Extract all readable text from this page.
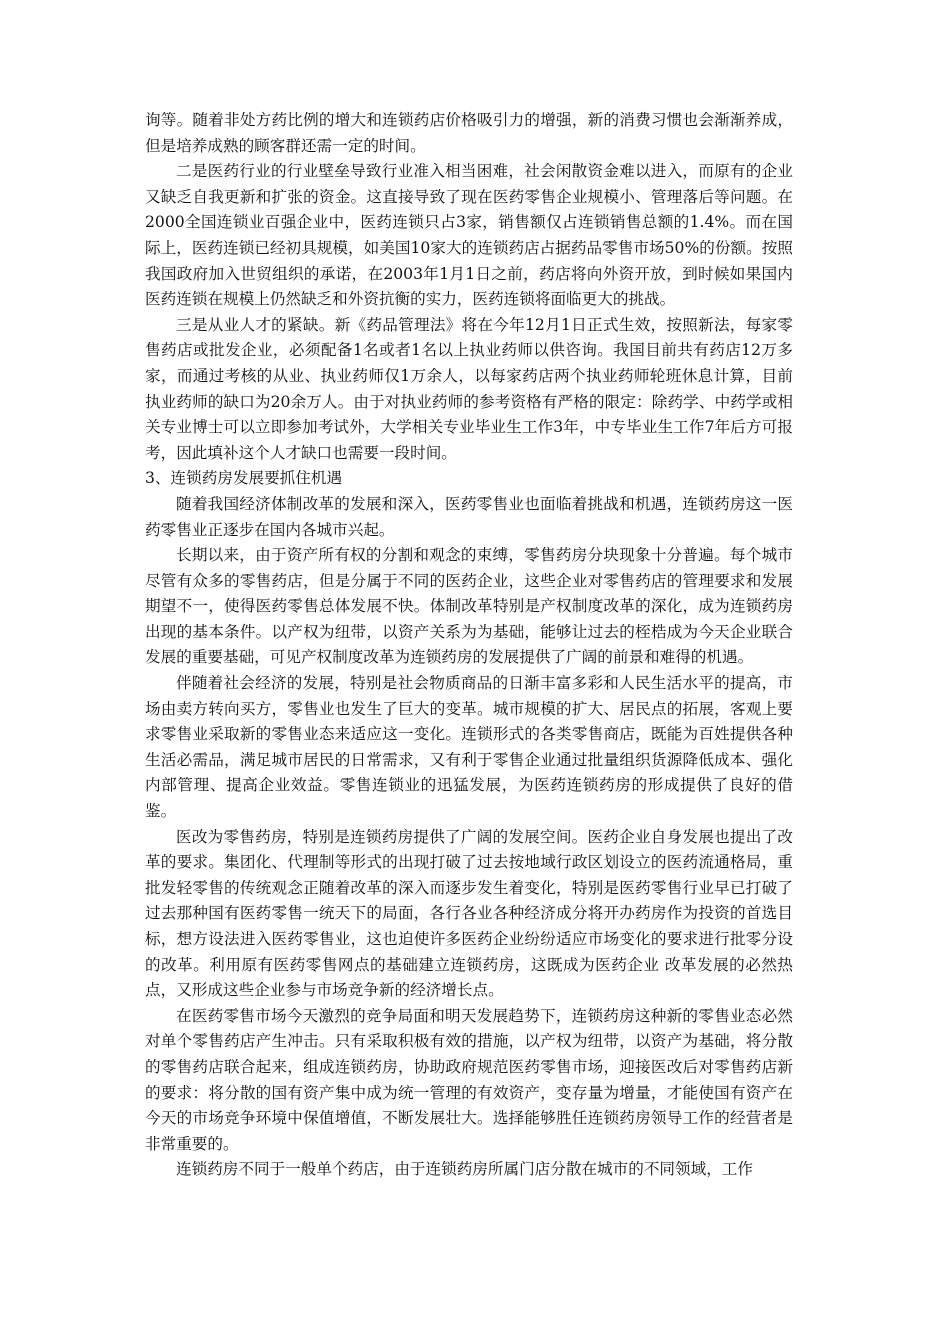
询等。随着非处方药比例的增大和连锁药店价格吸引力的增强，新的消费习惯也会渐渐养成，但是培养成熟的顾客群还需一定的时间。

二是医药行业的行业壁垒导致行业准入相当困难，社会闲散资金难以进入，而原有的企业又缺乏自我更新和扩张的资金。这直接导致了现在医药零售企业规模小、管理落后等问题。在2000全国连锁业百强企业中，医药连锁只占3家，销售额仅占连锁销售总额的1.4%。而在国际上，医药连锁已经初具规模，如美国10家大的连锁药店占据药品零售市场50%的份额。按照我国政府加入世贸组织的承诺，在2003年1月1日之前，药店将向外资开放，到时候如果国内医药连锁在规模上仍然缺乏和外资抗衡的实力，医药连锁将面临更大的挑战。

三是从业人才的紧缺。新《药品管理法》将在今年12月1日正式生效，按照新法，每家零售药店或批发企业，必须配备1名或者1名以上执业药师以供咨询。我国目前共有药店12万多家，而通过考核的从业、执业药师仅1万余人，以每家药店两个执业药师轮班休息计算，目前执业药师的缺口为20余万人。由于对执业药师的参考资格有严格的限定：除药学、中药学或相关专业博士可以立即参加考试外，大学相关专业毕业生工作3年，中专毕业生工作7年后方可报考，因此填补这个人才缺口也需要一段时间。

3、连锁药房发展要抓住机遇

随着我国经济体制改革的发展和深入，医药零售业也面临着挑战和机遇，连锁药房这一医药零售业正逐步在国内各城市兴起。

长期以来，由于资产所有权的分割和观念的束缚，零售药房分块现象十分普遍。每个城市尽管有众多的零售药店，但是分属于不同的医药企业，这些企业对零售药店的管理要求和发展期望不一，使得医药零售总体发展不快。体制改革特别是产权制度改革的深化，成为连锁药房出现的基本条件。以产权为纽带，以资产关系为为基础，能够让过去的桎梏成为今天企业联合发展的重要基础，可见产权制度改革为连锁药房的发展提供了广阔的前景和难得的机遇。

伴随着社会经济的发展，特别是社会物质商品的日渐丰富多彩和人民生活水平的提高，市场由卖方转向买方，零售业也发生了巨大的变革。城市规模的扩大、居民点的拓展，客观上要求零售业采取新的零售业态来适应这一变化。连锁形式的各类零售商店，既能为百姓提供各种生活必需品，满足城市居民的日常需求，又有利于零售企业通过批量组织货源降低成本、强化内部管理、提高企业效益。零售连锁业的迅猛发展，为医药连锁药房的形成提供了良好的借鉴。

医改为零售药房，特别是连锁药房提供了广阔的发展空间。医药企业自身发展也提出了改革的要求。集团化、代理制等形式的出现打破了过去按地域行政区划设立的医药流通格局，重批发轻零售的传统观念正随着改革的深入而逐步发生着变化，特别是医药零售行业早已打破了过去那种国有医药零售一统天下的局面，各行各业各种经济成分将开办药房作为投资的首选目标，想方设法进入医药零售业，这也迫使许多医药企业纷纷适应市场变化的要求进行批零分设的改革。利用原有医药零售网点的基础建立连锁药房，这既成为医药企业 改革发展的必然热点，又形成这些企业参与市场竞争新的经济增长点。

在医药零售市场今天激烈的竞争局面和明天发展趋势下，连锁药房这种新的零售业态必然对单个零售药店产生冲击。只有采取积极有效的措施，以产权为纽带，以资产为基础，将分散的零售药店联合起来，组成连锁药房，协助政府规范医药零售市场，迎接医改后对零售药店新的要求：将分散的国有资产集中成为统一管理的有效资产，变存量为增量，才能使国有资产在今天的市场竞争环境中保值增值，不断发展壮大。选择能够胜任连锁药房领导工作的经营者是非常重要的。

连锁药房不同于一般单个药店，由于连锁药房所属门店分散在城市的不同领域，工作
